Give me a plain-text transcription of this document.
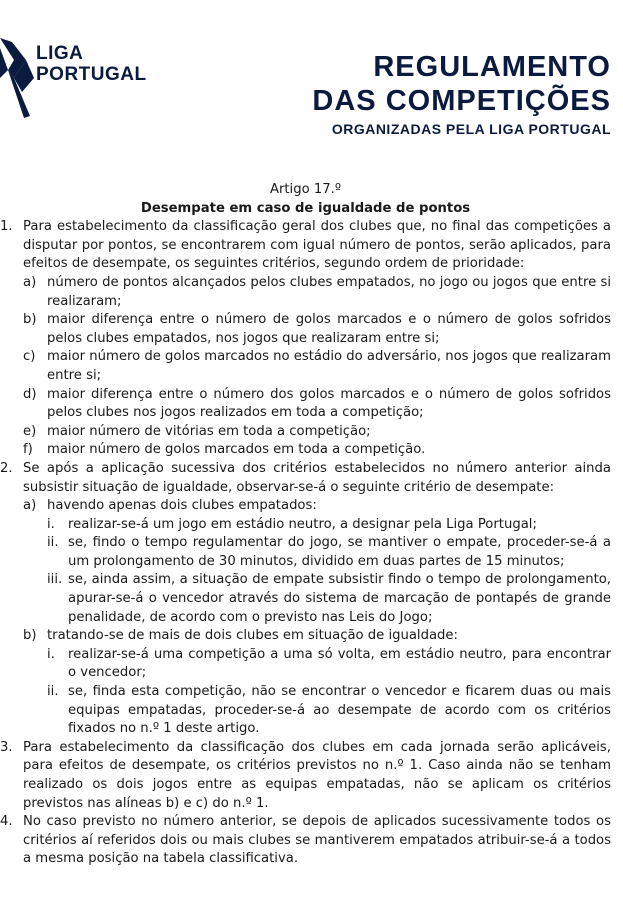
LIGA
PORTUGAL	REGULAMENTO
DAS COMPETIÇÕES
ORGANIZADAS PELA LIGA PORTUGAL
Artigo 17.º
Desempate em caso de igualdade de pontos
1. Para estabelecimento da classificação geral dos clubes que, no final das competições a disputar por pontos, se encontrarem com igual número de pontos, serão aplicados, para efeitos de desempate, os seguintes critérios, segundo ordem de prioridade:
a) número de pontos alcançados pelos clubes empatados, no jogo ou jogos que entre si realizaram;
b) maior diferença entre o número de golos marcados e o número de golos sofridos pelos clubes empatados, nos jogos que realizaram entre si;
c) maior número de golos marcados no estádio do adversário, nos jogos que realizaram entre si;
d) maior diferença entre o número dos golos marcados e o número de golos sofridos pelos clubes nos jogos realizados em toda a competição;
e) maior número de vitórias em toda a competição;
f)	maior número de golos marcados em toda a competição.
2. Se após a aplicação sucessiva dos critérios estabelecidos no número anterior ainda subsistir situação de igualdade, observar-se-á o seguinte critério de desempate:
a) havendo apenas dois clubes empatados:
i. realizar-se-á um jogo em estádio neutro, a designar pela Liga Portugal;
ii. se, findo o tempo regulamentar do jogo, se mantiver o empate, proceder-se-á a um prolongamento de 30 minutos, dividido em duas partes de 15 minutos;
iii. se, ainda assim, a situação de empate subsistir findo o tempo de prolongamento, apurar-se-á o vencedor através do sistema de marcação de pontapés de grande penalidade, de acordo com o previsto nas Leis do Jogo;
b) tratando-se de mais de dois clubes em situação de igualdade:
i. realizar-se-á uma competição a uma só volta, em estádio neutro, para encontrar o vencedor;
ii. se, finda esta competição, não se encontrar o vencedor e ficarem duas ou mais equipas empatadas, proceder-se-á ao desempate de acordo com os critérios fixados no n.º 1 deste artigo.
3. Para estabelecimento da classificação dos clubes em cada jornada serão aplicáveis, para efeitos de desempate, os critérios previstos no n.º 1. Caso ainda não se tenham realizado os dois jogos entre as equipas empatadas, não se aplicam os critérios previstos nas alíneas b) e c) do n.º 1.
4. No caso previsto no número anterior, se depois de aplicados sucessivamente todos os critérios aí referidos dois ou mais clubes se mantiverem empatados atribuir-se-á a todos a mesma posição na tabela classificativa.
